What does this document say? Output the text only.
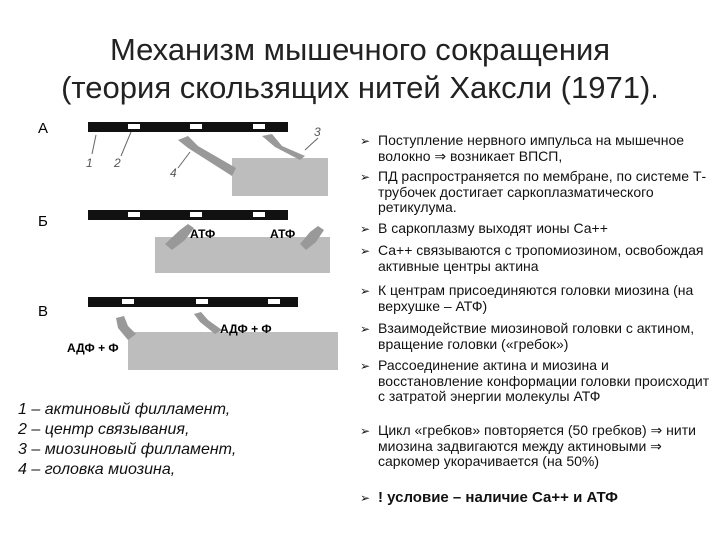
Механизм мышечного сокращения
(теория скользящих нитей Хаксли (1971).
А
1 2
3
4
Б
АТФ	АТФ
В
АДФ + Ф
АДФ + Ф
1 – актиновый филламент,
2 – центр связывания,
3 – миозиновый филламент,
4 – головка миозина,
➢ Поступление нервного импульса на мышечное волокно ⇒ возникает ВПСП,
➢ ПД распространяется по мембране, по системе Т- трубочек достигает саркоплазматического ретикулума.
➢ В саркоплазму выходят ионы Са++
➢ Са++ связываются с тропомиозином, освобождая активные центры актина
➢ К центрам присоединяются головки миозина (на верхушке – АТФ)
➢ Взаимодействие миозиновой головки с актином, вращение головки («гребок»)
➢ Рассоединение актина и миозина и восстановление конформации головки происходит с затратой энергии молекулы АТФ
➢ Цикл «гребков» повторяется (50 гребков) ⇒ нити миозина задвигаются между актиновыми ⇒ саркомер укорачивается (на 50%)
➢ ! условие – наличие Са++ и АТФ
